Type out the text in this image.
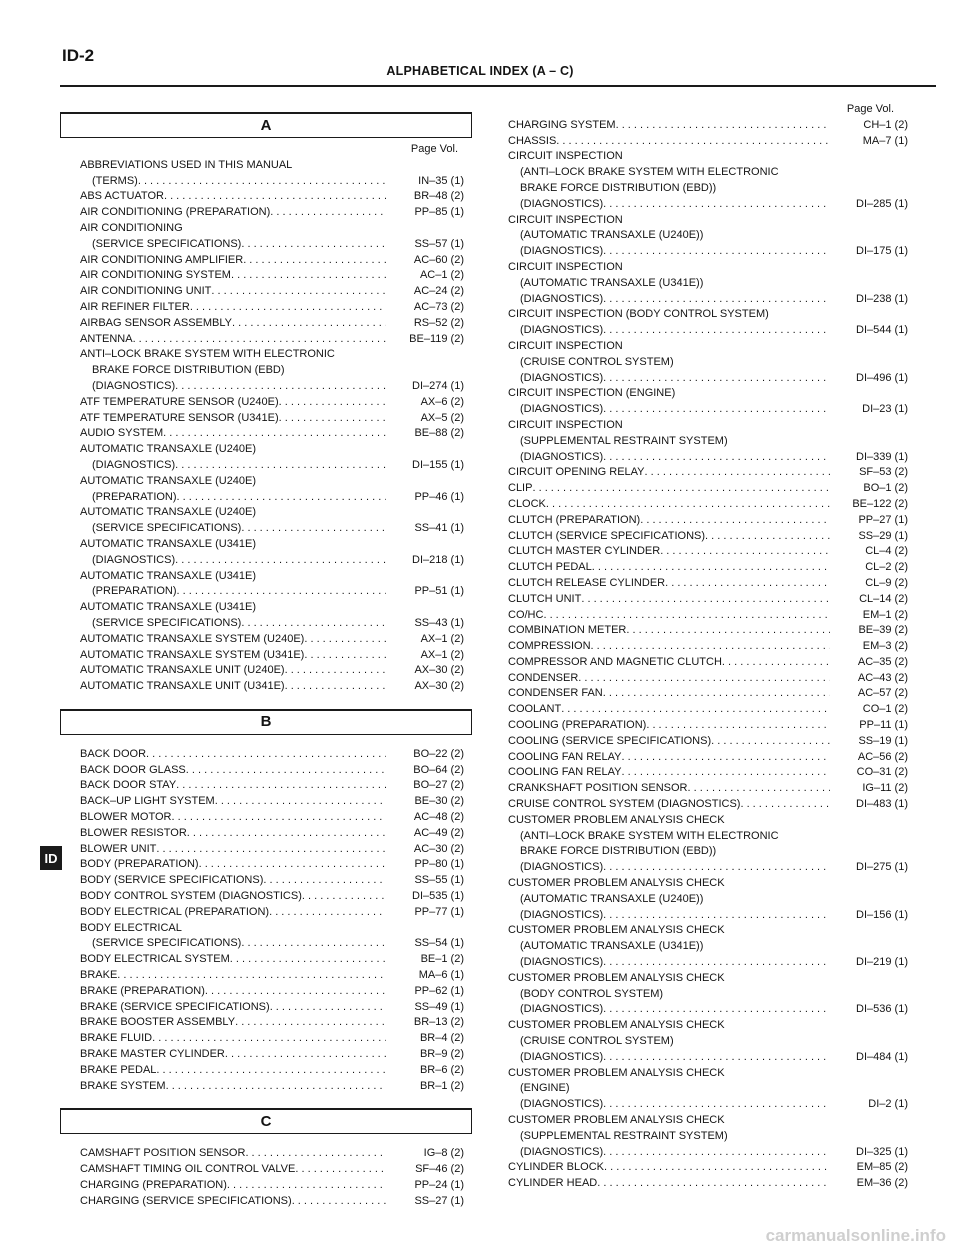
ID-2
ALPHABETICAL INDEX (A – C)
A
Page Vol.
ABBREVIATIONS USED IN THIS MANUAL
(TERMS) . . .	IN–35 (1)
ABS ACTUATOR . . .	BR–48 (2)
AIR CONDITIONING (PREPARATION) . . .	PP–85 (1)
AIR CONDITIONING
(SERVICE SPECIFICATIONS) . . .	SS–57 (1)
AIR CONDITIONING AMPLIFIER . . .	AC–60 (2)
AIR CONDITIONING SYSTEM . . .	AC–1 (2)
AIR CONDITIONING UNIT . . .	AC–24 (2)
AIR REFINER FILTER . . .	AC–73 (2)
AIRBAG SENSOR ASSEMBLY . . .	RS–52 (2)
ANTENNA . . .	BE–119 (2)
ANTI–LOCK BRAKE SYSTEM WITH ELECTRONIC
BRAKE FORCE DISTRIBUTION (EBD)
(DIAGNOSTICS) . . .	DI–274 (1)
ATF TEMPERATURE SENSOR (U240E) . . .	AX–6 (2)
ATF TEMPERATURE SENSOR (U341E) . . .	AX–5 (2)
AUDIO SYSTEM . . .	BE–88 (2)
AUTOMATIC TRANSAXLE (U240E)
(DIAGNOSTICS) . . .	DI–155 (1)
AUTOMATIC TRANSAXLE (U240E)
(PREPARATION) . . .	PP–46 (1)
AUTOMATIC TRANSAXLE (U240E)
(SERVICE SPECIFICATIONS) . . .	SS–41 (1)
AUTOMATIC TRANSAXLE (U341E)
(DIAGNOSTICS) . . .	DI–218 (1)
AUTOMATIC TRANSAXLE (U341E)
(PREPARATION) . . .	PP–51 (1)
AUTOMATIC TRANSAXLE (U341E)
(SERVICE SPECIFICATIONS) . . .	SS–43 (1)
AUTOMATIC TRANSAXLE SYSTEM (U240E) . . .	AX–1 (2)
AUTOMATIC TRANSAXLE SYSTEM (U341E) . . .	AX–1 (2)
AUTOMATIC TRANSAXLE UNIT (U240E) . . .	AX–30 (2)
AUTOMATIC TRANSAXLE UNIT (U341E) . . .	AX–30 (2)
B
BACK DOOR . . .	BO–22 (2)
BACK DOOR GLASS . . .	BO–64 (2)
BACK DOOR STAY . . .	BO–27 (2)
BACK–UP LIGHT SYSTEM . . .	BE–30 (2)
BLOWER MOTOR . . .	AC–48 (2)
BLOWER RESISTOR . . .	AC–49 (2)
BLOWER UNIT . . .	AC–30 (2)
BODY (PREPARATION) . . .	PP–80 (1)
BODY (SERVICE SPECIFICATIONS) . . .	SS–55 (1)
BODY CONTROL SYSTEM (DIAGNOSTICS) . . .	DI–535 (1)
BODY ELECTRICAL (PREPARATION) . . .	PP–77 (1)
BODY ELECTRICAL
(SERVICE SPECIFICATIONS) . . .	SS–54 (1)
BODY ELECTRICAL SYSTEM . . .	BE–1 (2)
BRAKE . . .	MA–6 (1)
BRAKE (PREPARATION) . . .	PP–62 (1)
BRAKE (SERVICE SPECIFICATIONS) . . .	SS–49 (1)
BRAKE BOOSTER ASSEMBLY . . .	BR–13 (2)
BRAKE FLUID . . .	BR–4 (2)
BRAKE MASTER CYLINDER . . .	BR–9 (2)
BRAKE PEDAL . . .	BR–6 (2)
BRAKE SYSTEM . . .	BR–1 (2)
C
CAMSHAFT POSITION SENSOR . . .	IG–8 (2)
CAMSHAFT TIMING OIL CONTROL VALVE . . .	SF–46 (2)
CHARGING (PREPARATION) . . .	PP–24 (1)
CHARGING (SERVICE SPECIFICATIONS) . . .	SS–27 (1)
Page Vol.
CHARGING SYSTEM . . .	CH–1 (2)
CHASSIS . . .	MA–7 (1)
CIRCUIT INSPECTION
(ANTI–LOCK BRAKE SYSTEM WITH ELECTRONIC
BRAKE FORCE DISTRIBUTION (EBD))
(DIAGNOSTICS) . . .	DI–285 (1)
CIRCUIT INSPECTION
(AUTOMATIC TRANSAXLE (U240E))
(DIAGNOSTICS) . . .	DI–175 (1)
CIRCUIT INSPECTION
(AUTOMATIC TRANSAXLE (U341E))
(DIAGNOSTICS) . . .	DI–238 (1)
CIRCUIT INSPECTION (BODY CONTROL SYSTEM)
(DIAGNOSTICS) . . .	DI–544 (1)
CIRCUIT INSPECTION
(CRUISE CONTROL SYSTEM)
(DIAGNOSTICS) . . .	DI–496 (1)
CIRCUIT INSPECTION (ENGINE)
(DIAGNOSTICS) . . .	DI–23 (1)
CIRCUIT INSPECTION
(SUPPLEMENTAL RESTRAINT SYSTEM)
(DIAGNOSTICS) . . .	DI–339 (1)
CIRCUIT OPENING RELAY . . .	SF–53 (2)
CLIP . . .	BO–1 (2)
CLOCK . . .	BE–122 (2)
CLUTCH (PREPARATION) . . .	PP–27 (1)
CLUTCH (SERVICE SPECIFICATIONS) . . .	SS–29 (1)
CLUTCH MASTER CYLINDER . . .	CL–4 (2)
CLUTCH PEDAL . . .	CL–2 (2)
CLUTCH RELEASE CYLINDER . . .	CL–9 (2)
CLUTCH UNIT . . .	CL–14 (2)
CO/HC . . .	EM–1 (2)
COMBINATION METER . . .	BE–39 (2)
COMPRESSION . . .	EM–3 (2)
COMPRESSOR AND MAGNETIC CLUTCH . . .	AC–35 (2)
CONDENSER . . .	AC–43 (2)
CONDENSER FAN . . .	AC–57 (2)
COOLANT . . .	CO–1 (2)
COOLING (PREPARATION) . . .	PP–11 (1)
COOLING (SERVICE SPECIFICATIONS) . . .	SS–19 (1)
COOLING FAN RELAY . . .	AC–56 (2)
COOLING FAN RELAY . . .	CO–31 (2)
CRANKSHAFT POSITION SENSOR . . .	IG–11 (2)
CRUISE CONTROL SYSTEM (DIAGNOSTICS) . . .	DI–483 (1)
CUSTOMER PROBLEM ANALYSIS CHECK
(ANTI–LOCK BRAKE SYSTEM WITH ELECTRONIC
BRAKE FORCE DISTRIBUTION (EBD))
(DIAGNOSTICS) . . .	DI–275 (1)
CUSTOMER PROBLEM ANALYSIS CHECK
(AUTOMATIC TRANSAXLE (U240E))
(DIAGNOSTICS) . . .	DI–156 (1)
CUSTOMER PROBLEM ANALYSIS CHECK
(AUTOMATIC TRANSAXLE (U341E))
(DIAGNOSTICS) . . .	DI–219 (1)
CUSTOMER PROBLEM ANALYSIS CHECK
(BODY CONTROL SYSTEM)
(DIAGNOSTICS) . . .	DI–536 (1)
CUSTOMER PROBLEM ANALYSIS CHECK
(CRUISE CONTROL SYSTEM)
(DIAGNOSTICS) . . .	DI–484 (1)
CUSTOMER PROBLEM ANALYSIS CHECK
(ENGINE)
(DIAGNOSTICS) . . .	DI–2 (1)
CUSTOMER PROBLEM ANALYSIS CHECK
(SUPPLEMENTAL RESTRAINT SYSTEM)
(DIAGNOSTICS) . . .	DI–325 (1)
CYLINDER BLOCK . . .	EM–85 (2)
CYLINDER HEAD . . .	EM–36 (2)
ID
carmanualsonline.info
